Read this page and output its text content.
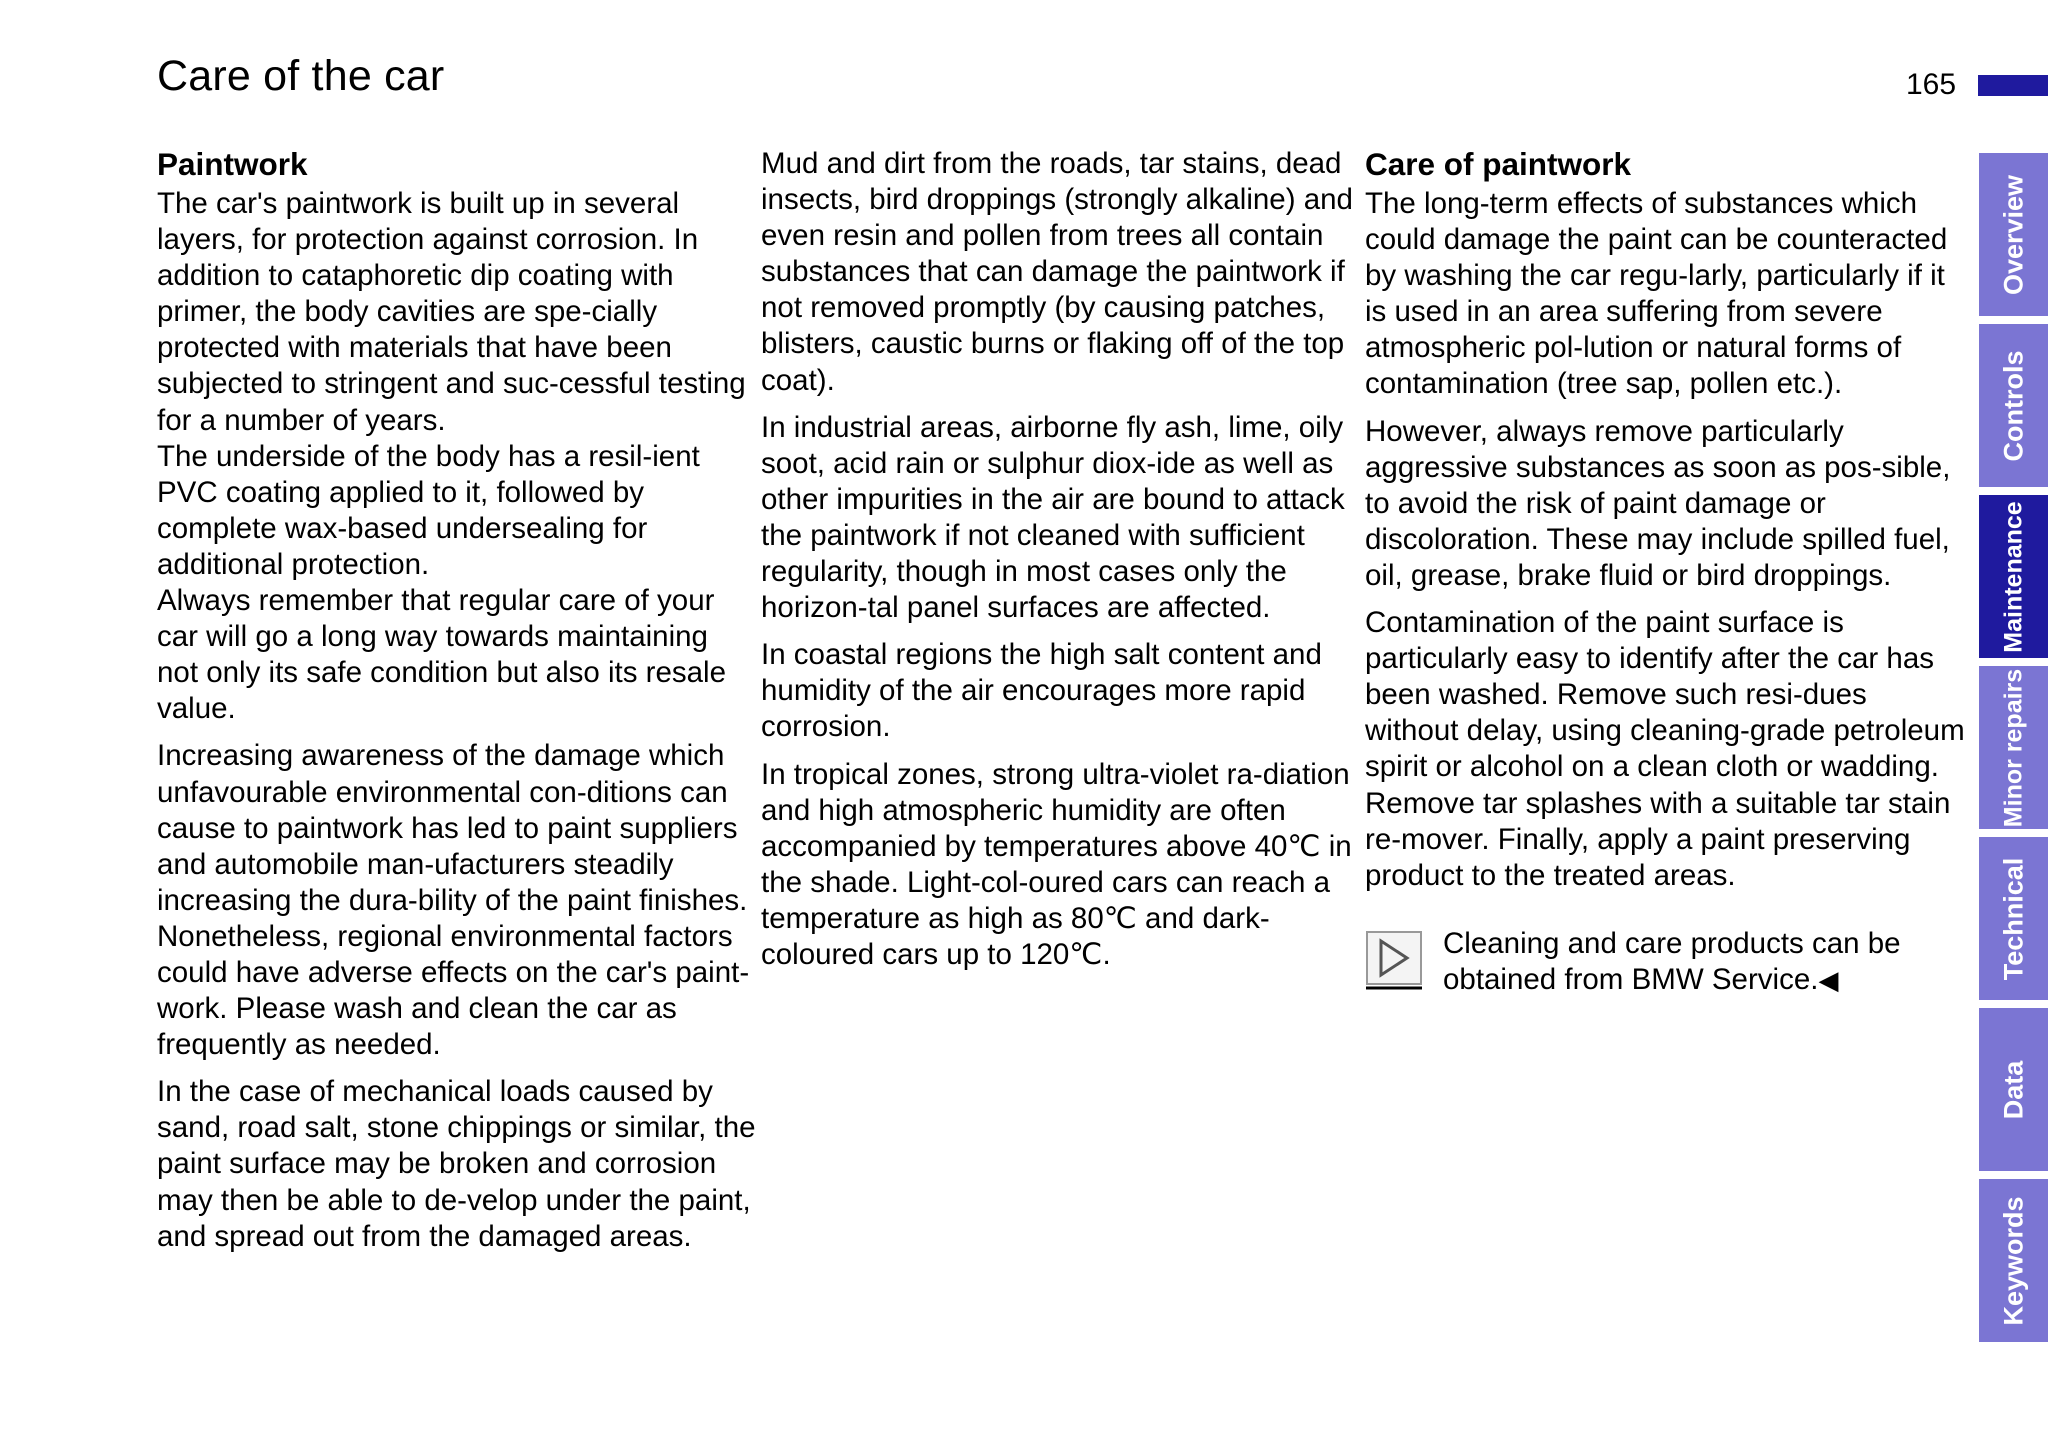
Care of the car	165
Paintwork

The car's paintwork is built up in several layers, for protection against corrosion. In addition to cataphoretic dip coating with primer, the body cavities are spe-cially protected with materials that have been subjected to stringent and suc-cessful testing for a number of years.

The underside of the body has a resil-ient PVC coating applied to it, followed by complete wax-based undersealing for additional protection.

Always remember that regular care of your car will go a long way towards maintaining not only its safe condition but also its resale value.

Increasing awareness of the damage which unfavourable environmental con-ditions can cause to paintwork has led to paint suppliers and automobile man-ufacturers steadily increasing the dura-bility of the paint finishes. Nonetheless, regional environmental factors could have adverse effects on the car's paint-work. Please wash and clean the car as frequently as needed.

In the case of mechanical loads caused by sand, road salt, stone chippings or similar, the paint surface may be broken and corrosion may then be able to de-velop under the paint, and spread out from the damaged areas.

Mud and dirt from the roads, tar stains, dead insects, bird droppings (strongly alkaline) and even resin and pollen from trees all contain substances that can damage the paintwork if not removed promptly (by causing patches, blisters, caustic burns or flaking off of the top coat).

In industrial areas, airborne fly ash, lime, oily soot, acid rain or sulphur diox-ide as well as other impurities in the air are bound to attack the paintwork if not cleaned with sufficient regularity, though in most cases only the horizon-tal panel surfaces are affected.

In coastal regions the high salt content and humidity of the air encourages more rapid corrosion.

In tropical zones, strong ultra-violet ra-diation and high atmospheric humidity are often accompanied by temperatures above 40℃ in the shade. Light-col-oured cars can reach a temperature as high as 80℃ and dark-coloured cars up to 120℃.

Care of paintwork

The long-term effects of substances which could damage the paint can be counteracted by washing the car regu-larly, particularly if it is used in an area suffering from severe atmospheric pol-lution or natural forms of contamination (tree sap, pollen etc.).

However, always remove particularly aggressive substances as soon as pos-sible, to avoid the risk of paint damage or discoloration. These may include spilled fuel, oil, grease, brake fluid or bird droppings.

Contamination of the paint surface is particularly easy to identify after the car has been washed. Remove such resi-dues without delay, using cleaning-grade petroleum spirit or alcohol on a clean cloth or wadding. Remove tar splashes with a suitable tar stain re-mover. Finally, apply a paint preserving product to the treated areas.

Cleaning and care products can be obtained from BMW Service.◀
Overview
Controls
Maintenance
Minor repairs
Technical
Data
Keywords
